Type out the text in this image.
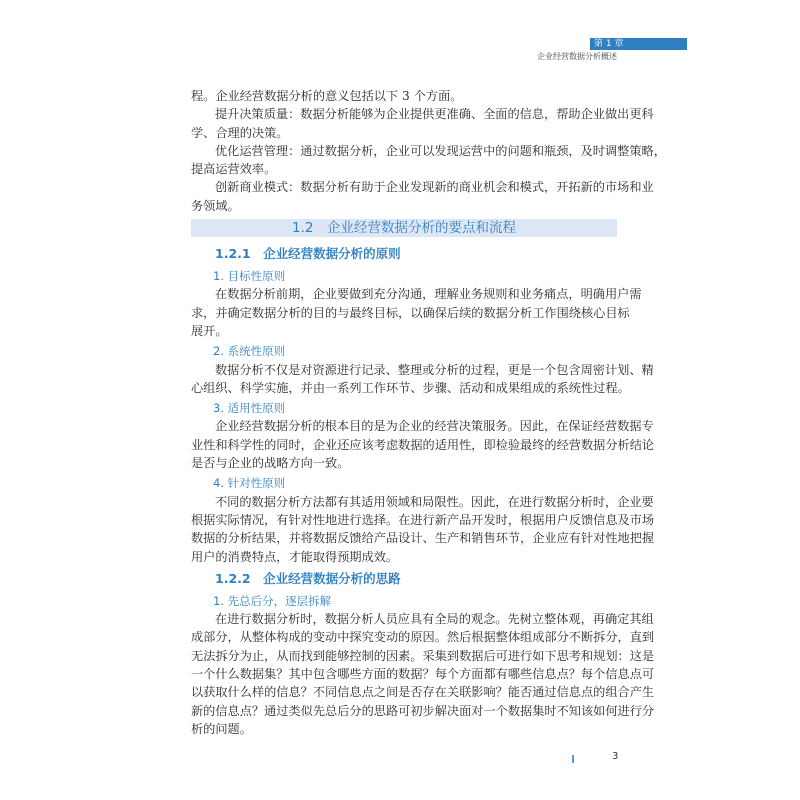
第 1 章
企业经营数据分析概述
程。企业经营数据分析的意义包括以下 3 个方面。
提升决策质量：数据分析能够为企业提供更准确、全面的信息，帮助企业做出更科
学、合理的决策。
优化运营管理：通过数据分析，企业可以发现运营中的问题和瓶颈，及时调整策略，
提高运营效率。
创新商业模式：数据分析有助于企业发现新的商业机会和模式，开拓新的市场和业
务领域。
1.2　企业经营数据分析的要点和流程
1.2.1　企业经营数据分析的原则
1. 目标性原则
在数据分析前期，企业要做到充分沟通，理解业务规则和业务痛点，明确用户需
求，并确定数据分析的目的与最终目标，以确保后续的数据分析工作围绕核心目标
展开。
2. 系统性原则
数据分析不仅是对资源进行记录、整理或分析的过程，更是一个包含周密计划、精
心组织、科学实施，并由一系列工作环节、步骤、活动和成果组成的系统性过程。
3. 适用性原则
企业经营数据分析的根本目的是为企业的经营决策服务。因此，在保证经营数据专
业性和科学性的同时，企业还应该考虑数据的适用性，即检验最终的经营数据分析结论
是否与企业的战略方向一致。
4. 针对性原则
不同的数据分析方法都有其适用领域和局限性。因此，在进行数据分析时，企业要
根据实际情况，有针对性地进行选择。在进行新产品开发时，根据用户反馈信息及市场
数据的分析结果，并将数据反馈给产品设计、生产和销售环节，企业应有针对性地把握
用户的消费特点，才能取得预期成效。
1.2.2　企业经营数据分析的思路
1. 先总后分，逐层拆解
在进行数据分析时，数据分析人员应具有全局的观念。先树立整体观，再确定其组
成部分，从整体构成的变动中探究变动的原因。然后根据整体组成部分不断拆分，直到
无法拆分为止，从而找到能够控制的因素。采集到数据后可进行如下思考和规划：这是
一个什么数据集？其中包含哪些方面的数据？每个方面都有哪些信息点？每个信息点可
以获取什么样的信息？不同信息点之间是否存在关联影响？能否通过信息点的组合产生
新的信息点？通过类似先总后分的思路可初步解决面对一个数据集时不知该如何进行分
析的问题。
3
